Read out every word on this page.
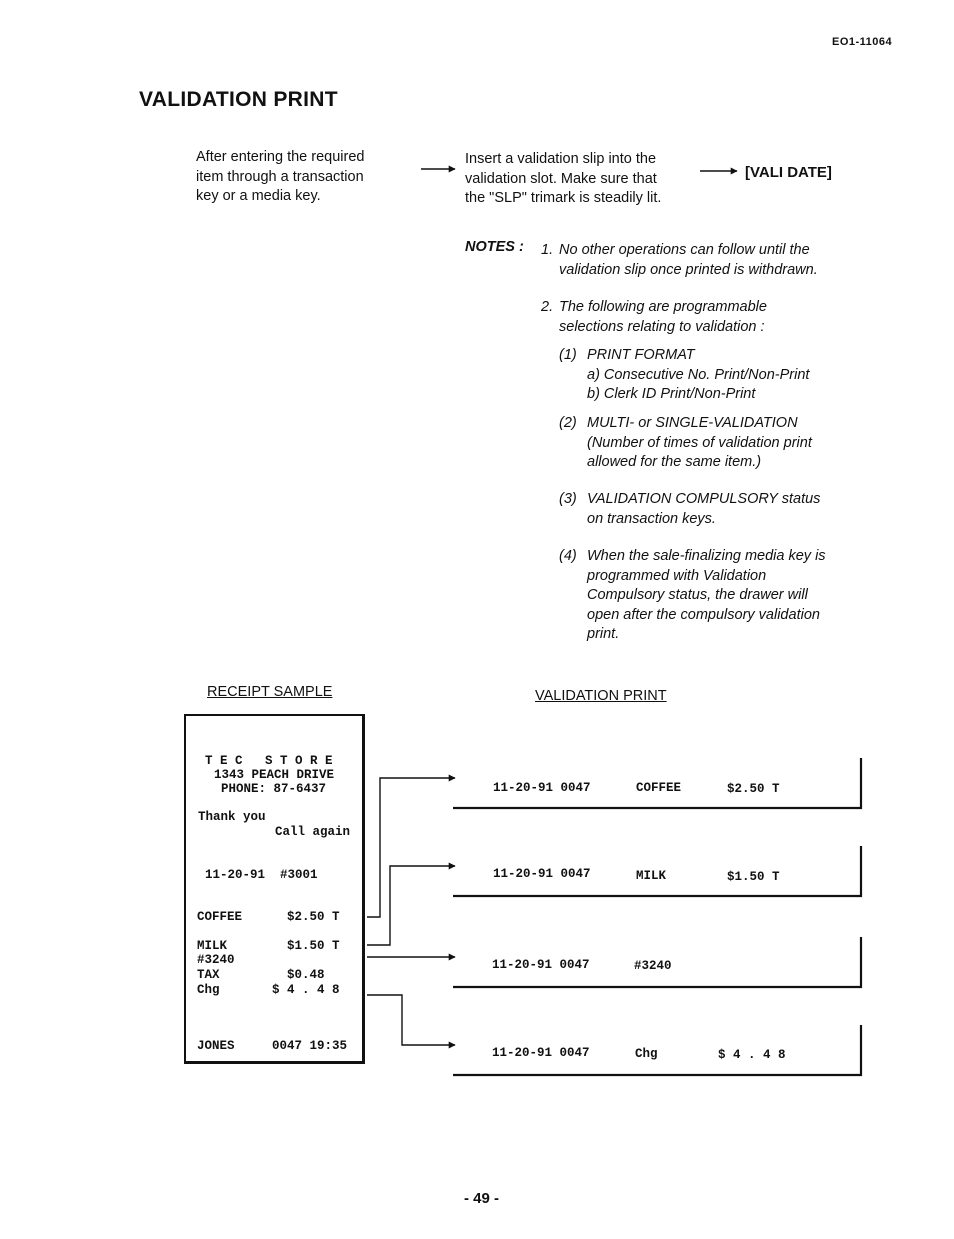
EO1-11064
VALIDATION PRINT
After entering the required
item through a transaction
key or a media key.
Insert a validation slip into the
validation slot. Make sure that
the "SLP" trimark is steadily lit.
[VALI DATE]
NOTES : 1. No other operations can follow until the
validation slip once printed is withdrawn.
2. The following are programmable
selections relating to validation :
(1) PRINT FORMAT
a) Consecutive No. Print/Non-Print
b) Clerk ID Print/Non-Print
(2) MULTI- or SINGLE-VALIDATION
(Number of times of validation print
allowed for the same item.)
(3) VALIDATION COMPULSORY status
on transaction keys.
(4) When the sale-finalizing media key is
programmed with Validation
Compulsory status, the drawer will
open after the compulsory validation
print.
RECEIPT SAMPLE	VALIDATION PRINT
T E C   S T O R E
1343 PEACH DRIVE
PHONE: 87-6437
Thank you
Call again
11-20-91  #3001
COFFEE      $2.50 T
MILK        $1.50 T
#3240
TAX         $0.48
Chg       $ 4 . 4 8
JONES     0047 19:35
11-20-91 0047	COFFEE	$2.50 T
11-20-91 0047	MILK	$1.50 T
11-20-91 0047	#3240
11-20-91 0047	Chg	$ 4 . 4 8
- 49 -
